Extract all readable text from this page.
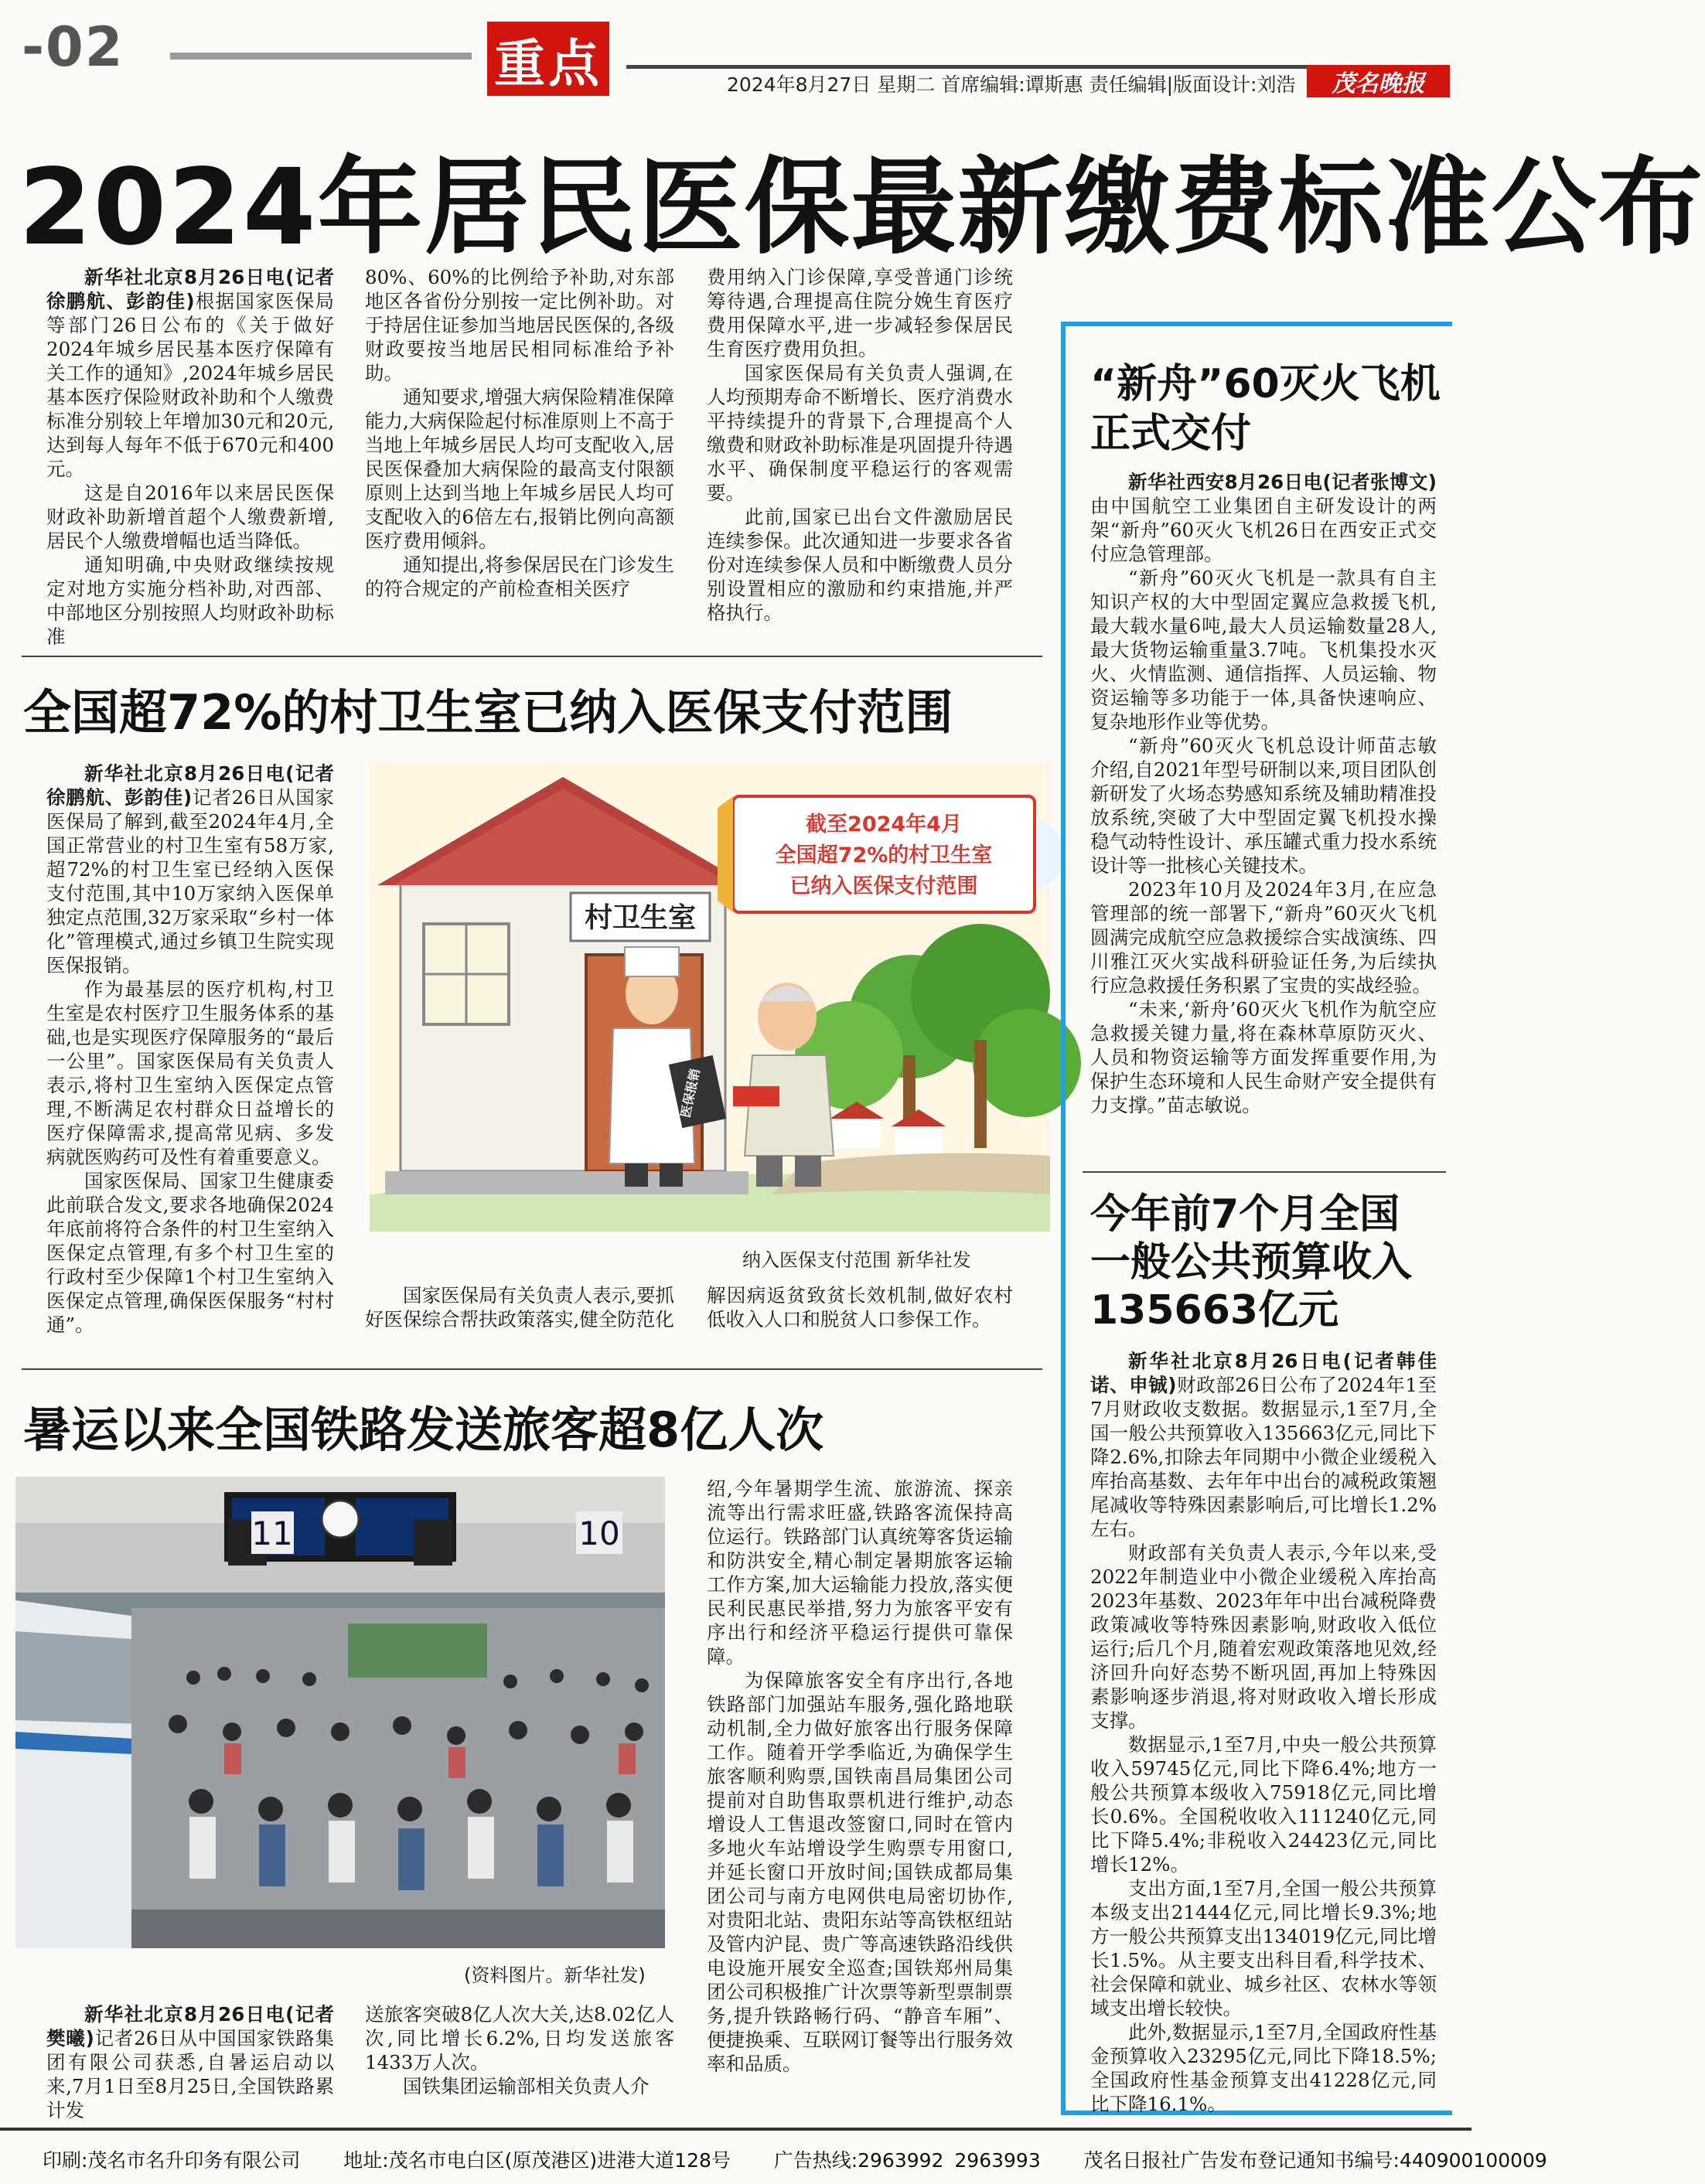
-02	重点	2024年8月27日 星期二 首席编辑:谭斯惠 责任编辑|版面设计:刘浩	茂名晚报
2024年居民医保最新缴费标准公布

新华社北京8月26日电(记者徐鹏航、彭韵佳)根据国家医保局等部门26日公布的《关于做好2024年城乡居民基本医疗保障有关工作的通知》,2024年城乡居民基本医疗保险财政补助和个人缴费标准分别较上年增加30元和20元,达到每人每年不低于670元和400元。

这是自2016年以来居民医保财政补助新增首超个人缴费新增,居民个人缴费增幅也适当降低。

通知明确,中央财政继续按规定对地方实施分档补助,对西部、中部地区分别按照人均财政补助标准

80%、60%的比例给予补助,对东部地区各省份分别按一定比例补助。对于持居住证参加当地居民医保的,各级财政要按当地居民相同标准给予补助。

通知要求,增强大病保险精准保障能力,大病保险起付标准原则上不高于当地上年城乡居民人均可支配收入,居民医保叠加大病保险的最高支付限额原则上达到当地上年城乡居民人均可支配收入的6倍左右,报销比例向高额医疗费用倾斜。

通知提出,将参保居民在门诊发生的符合规定的产前检查相关医疗

费用纳入门诊保障,享受普通门诊统筹待遇,合理提高住院分娩生育医疗费用保障水平,进一步减轻参保居民生育医疗费用负担。

国家医保局有关负责人强调,在人均预期寿命不断增长、医疗消费水平持续提升的背景下,合理提高个人缴费和财政补助标准是巩固提升待遇水平、确保制度平稳运行的客观需要。

此前,国家已出台文件激励居民连续参保。此次通知进一步要求各省份对连续参保人员和中断缴费人员分别设置相应的激励和约束措施,并严格执行。

全国超72%的村卫生室已纳入医保支付范围

新华社北京8月26日电(记者徐鹏航、彭韵佳)记者26日从国家医保局了解到,截至2024年4月,全国正常营业的村卫生室有58万家,超72%的村卫生室已经纳入医保支付范围,其中10万家纳入医保单独定点范围,32万家采取“乡村一体化”管理模式,通过乡镇卫生院实现医保报销。

作为最基层的医疗机构,村卫生室是农村医疗卫生服务体系的基础,也是实现医疗保障服务的“最后一公里”。国家医保局有关负责人表示,将村卫生室纳入医保定点管理,不断满足农村群众日益增长的医疗保障需求,提高常见病、多发病就医购药可及性有着重要意义。

国家医保局、国家卫生健康委此前联合发文,要求各地确保2024年底前将符合条件的村卫生室纳入医保定点管理,有多个村卫生室的行政村至少保障1个村卫生室纳入医保定点管理,确保医保服务“村村通”。

村卫生室
医保报销
截至2024年4月
全国超72%的村卫生室
已纳入医保支付范围
纳入医保支付范围 新华社发

国家医保局有关负责人表示,要抓好医保综合帮扶政策落实,健全防范化

解因病返贫致贫长效机制,做好农村低收入人口和脱贫人口参保工作。

暑运以来全国铁路发送旅客超8亿人次
11	10
(资料图片。新华社发)

新华社北京8月26日电(记者樊曦)记者26日从中国国家铁路集团有限公司获悉,自暑运启动以来,7月1日至8月25日,全国铁路累计发

送旅客突破8亿人次大关,达8.02亿人次,同比增长6.2%,日均发送旅客1433万人次。

国铁集团运输部相关负责人介

绍,今年暑期学生流、旅游流、探亲流等出行需求旺盛,铁路客流保持高位运行。铁路部门认真统筹客货运输和防洪安全,精心制定暑期旅客运输工作方案,加大运输能力投放,落实便民利民惠民举措,努力为旅客平安有序出行和经济平稳运行提供可靠保障。

为保障旅客安全有序出行,各地铁路部门加强站车服务,强化路地联动机制,全力做好旅客出行服务保障工作。随着开学季临近,为确保学生旅客顺利购票,国铁南昌局集团公司提前对自助售取票机进行维护,动态增设人工售退改签窗口,同时在管内多地火车站增设学生购票专用窗口,并延长窗口开放时间;国铁成都局集团公司与南方电网供电局密切协作,对贵阳北站、贵阳东站等高铁枢纽站及管内沪昆、贵广等高速铁路沿线供电设施开展安全巡查;国铁郑州局集团公司积极推广计次票等新型票制票务,提升铁路畅行码、“静音车厢”、便捷换乘、互联网订餐等出行服务效率和品质。

“新舟”60灭火飞机
正式交付

新华社西安8月26日电(记者张博文)由中国航空工业集团自主研发设计的两架“新舟”60灭火飞机26日在西安正式交付应急管理部。

“新舟”60灭火飞机是一款具有自主知识产权的大中型固定翼应急救援飞机,最大载水量6吨,最大人员运输数量28人,最大货物运输重量3.7吨。飞机集投水灭火、火情监测、通信指挥、人员运输、物资运输等多功能于一体,具备快速响应、复杂地形作业等优势。

“新舟”60灭火飞机总设计师苗志敏介绍,自2021年型号研制以来,项目团队创新研发了火场态势感知系统及辅助精准投放系统,突破了大中型固定翼飞机投水操稳气动特性设计、承压罐式重力投水系统设计等一批核心关键技术。

2023年10月及2024年3月,在应急管理部的统一部署下,“新舟”60灭火飞机圆满完成航空应急救援综合实战演练、四川雅江灭火实战科研验证任务,为后续执行应急救援任务积累了宝贵的实战经验。

“未来,‘新舟’60灭火飞机作为航空应急救援关键力量,将在森林草原防灭火、人员和物资运输等方面发挥重要作用,为保护生态环境和人民生命财产安全提供有力支撑。”苗志敏说。

今年前7个月全国
一般公共预算收入
135663亿元

新华社北京8月26日电(记者韩佳诺、申铖)财政部26日公布了2024年1至7月财政收支数据。数据显示,1至7月,全国一般公共预算收入135663亿元,同比下降2.6%,扣除去年同期中小微企业缓税入库抬高基数、去年年中出台的减税政策翘尾减收等特殊因素影响后,可比增长1.2%左右。

财政部有关负责人表示,今年以来,受2022年制造业中小微企业缓税入库抬高2023年基数、2023年年中出台减税降费政策减收等特殊因素影响,财政收入低位运行;后几个月,随着宏观政策落地见效,经济回升向好态势不断巩固,再加上特殊因素影响逐步消退,将对财政收入增长形成支撑。

数据显示,1至7月,中央一般公共预算收入59745亿元,同比下降6.4%;地方一般公共预算本级收入75918亿元,同比增长0.6%。全国税收收入111240亿元,同比下降5.4%;非税收入24423亿元,同比增长12%。

支出方面,1至7月,全国一般公共预算本级支出21444亿元,同比增长9.3%;地方一般公共预算支出134019亿元,同比增长1.5%。从主要支出科目看,科学技术、社会保障和就业、城乡社区、农林水等领域支出增长较快。

此外,数据显示,1至7月,全国政府性基金预算收入23295亿元,同比下降18.5%;全国政府性基金预算支出41228亿元,同比下降16.1%。

印刷:茂名市名升印务有限公司 地址:茂名市电白区(原茂港区)进港大道128号 广告热线:2963992 2963993 茂名日报社广告发布登记通知书编号:440900100009
